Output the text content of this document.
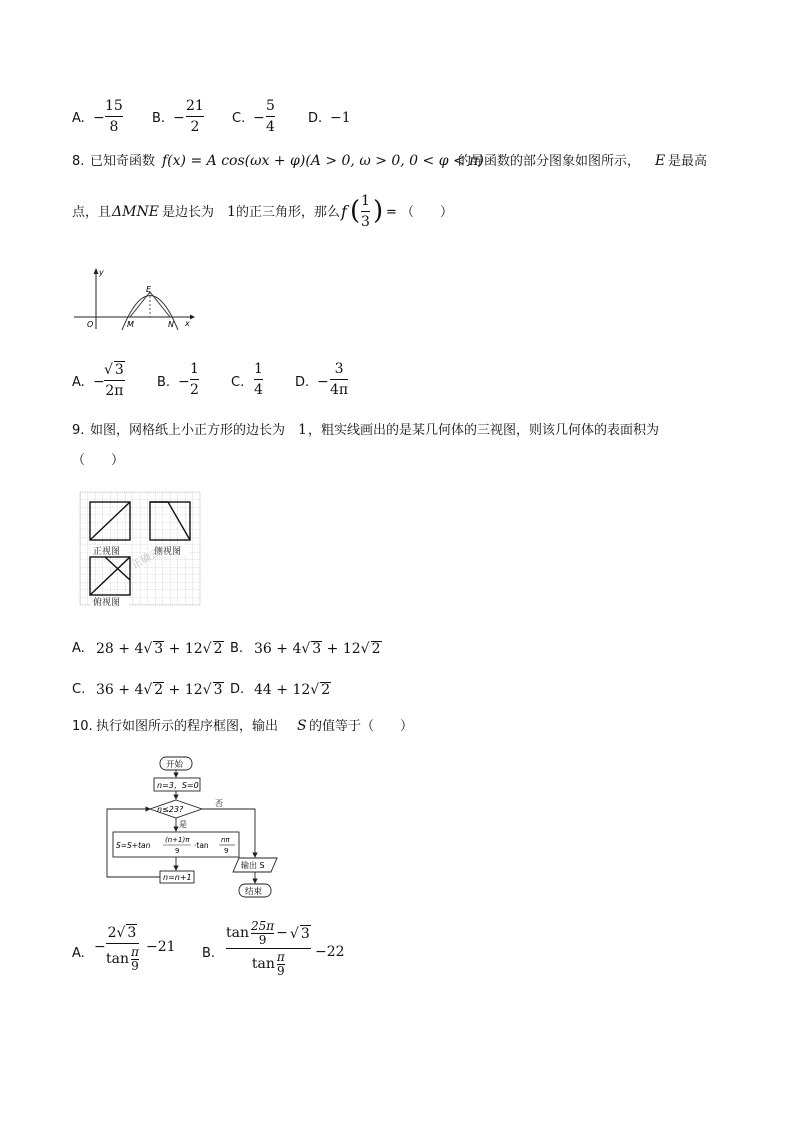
A. −
15
8
B. −
21
2
C. −
5
4
D. −1
8. 已知奇函数 f(x) = A cos(ωx + φ)(A > 0, ω > 0, 0 < φ < π)
的导函数的部分图象如图所示， E 是最高
点，且 ΔMNE 是边长为 1 的正三角形，那么 f ( 1
3 ) = （　　）
y
x
O	M	N
E
A. −
√ 3
2π
B. −
1
2 C.
1
4 D. −
3
4π
9. 如图，网格纸上小正方形的边长为 1 ，粗实线画出的是某几何体的三视图，则该几何体的表面积为
（　　）
正视图	侧视图
俯视图
正确云
A. 28 + 4√ 3 + 12√ 2 B. 36 + 4√ 3 + 12√ 2
C. 36 + 4√ 2 + 12√ 3 D. 44 + 12√ 2
10. 执行如图所示的程序框图，输出 S 的值等于（　　）
开始
n=3，S=0
n≤23?
否
是
S=S+tan
(n+1)π
9
·tan
nπ
9
n=n+1
输出 S
结束
A. −
2√ 3
tan π
9
−21 B.
tan 25π
9 − √ 3
tan π
9
−22
